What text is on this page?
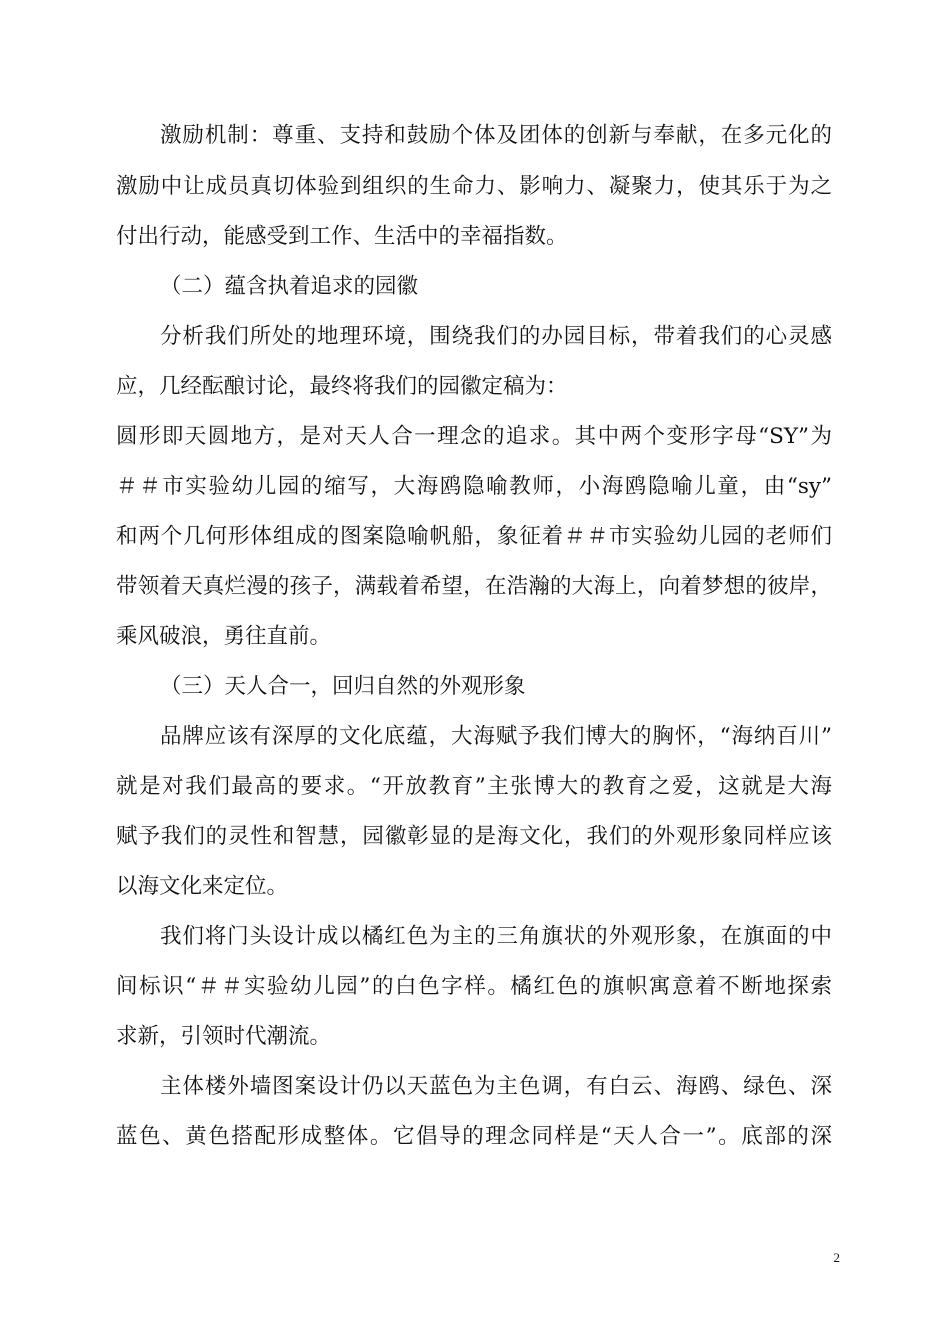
激励机制：尊重、支持和鼓励个体及团体的创新与奉献，在多元化的
激励中让成员真切体验到组织的生命力、影响力、凝聚力，使其乐于为之
付出行动，能感受到工作、生活中的幸福指数。
（二）蕴含执着追求的园徽
分析我们所处的地理环境，围绕我们的办园目标，带着我们的心灵感
应，几经酝酿讨论，最终将我们的园徽定稿为：
圆形即天圆地方，是对天人合一理念的追求。其中两个变形字母“SY”为
＃＃市实验幼儿园的缩写，大海鸥隐喻教师，小海鸥隐喻儿童，由“sy”
和两个几何形体组成的图案隐喻帆船，象征着＃＃市实验幼儿园的老师们
带领着天真烂漫的孩子，满载着希望，在浩瀚的大海上，向着梦想的彼岸，
乘风破浪，勇往直前。
（三）天人合一，回归自然的外观形象
品牌应该有深厚的文化底蕴，大海赋予我们博大的胸怀，“海纳百川”
就是对我们最高的要求。“开放教育”主张博大的教育之爱，这就是大海
赋予我们的灵性和智慧，园徽彰显的是海文化，我们的外观形象同样应该
以海文化来定位。
我们将门头设计成以橘红色为主的三角旗状的外观形象，在旗面的中
间标识“＃＃实验幼儿园”的白色字样。橘红色的旗帜寓意着不断地探索
求新，引领时代潮流。
主体楼外墙图案设计仍以天蓝色为主色调，有白云、海鸥、绿色、深
蓝色、黄色搭配形成整体。它倡导的理念同样是“天人合一”。底部的深
2
